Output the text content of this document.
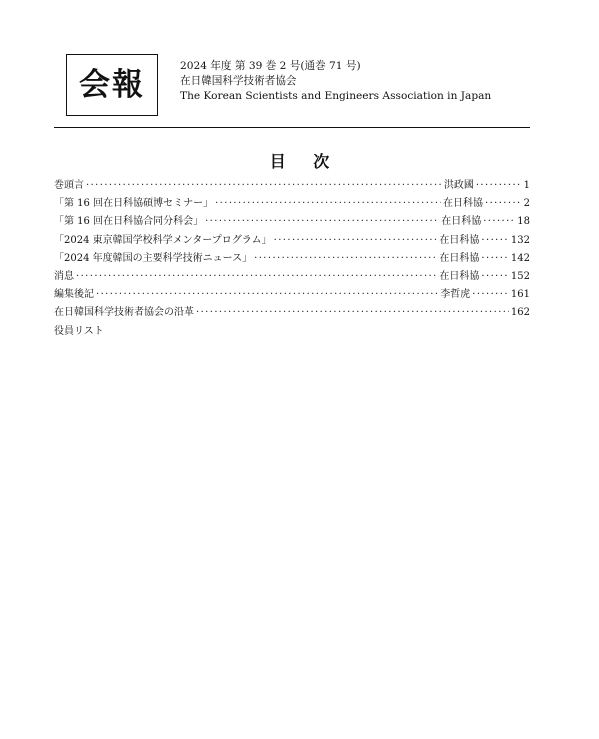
会報
2024 年度 第 39 巻 2 号(通巻 71 号)
在日韓国科学技術者協会
The Korean Scientists and Engineers Association in Japan
目 次
巻頭言 ·····	洪政國 ·········· 1
「第 16 回在日科協碩博セミナー」 ·····	在日科協 ········ 2
「第 16 回在日科協合同分科会」 ·····	在日科協 ······· 18
「2024 東京韓国学校科学メンタープログラム」 ·····	在日科協 ······ 132
「2024 年度韓国の主要科学技術ニュース」 ·····	在日科協 ······ 142
消息 ·····	在日科協 ······ 152
編集後記 ·····	李哲虎 ········ 161
在日韓国科学技術者協会の沿革 ·····	162
役員リスト
